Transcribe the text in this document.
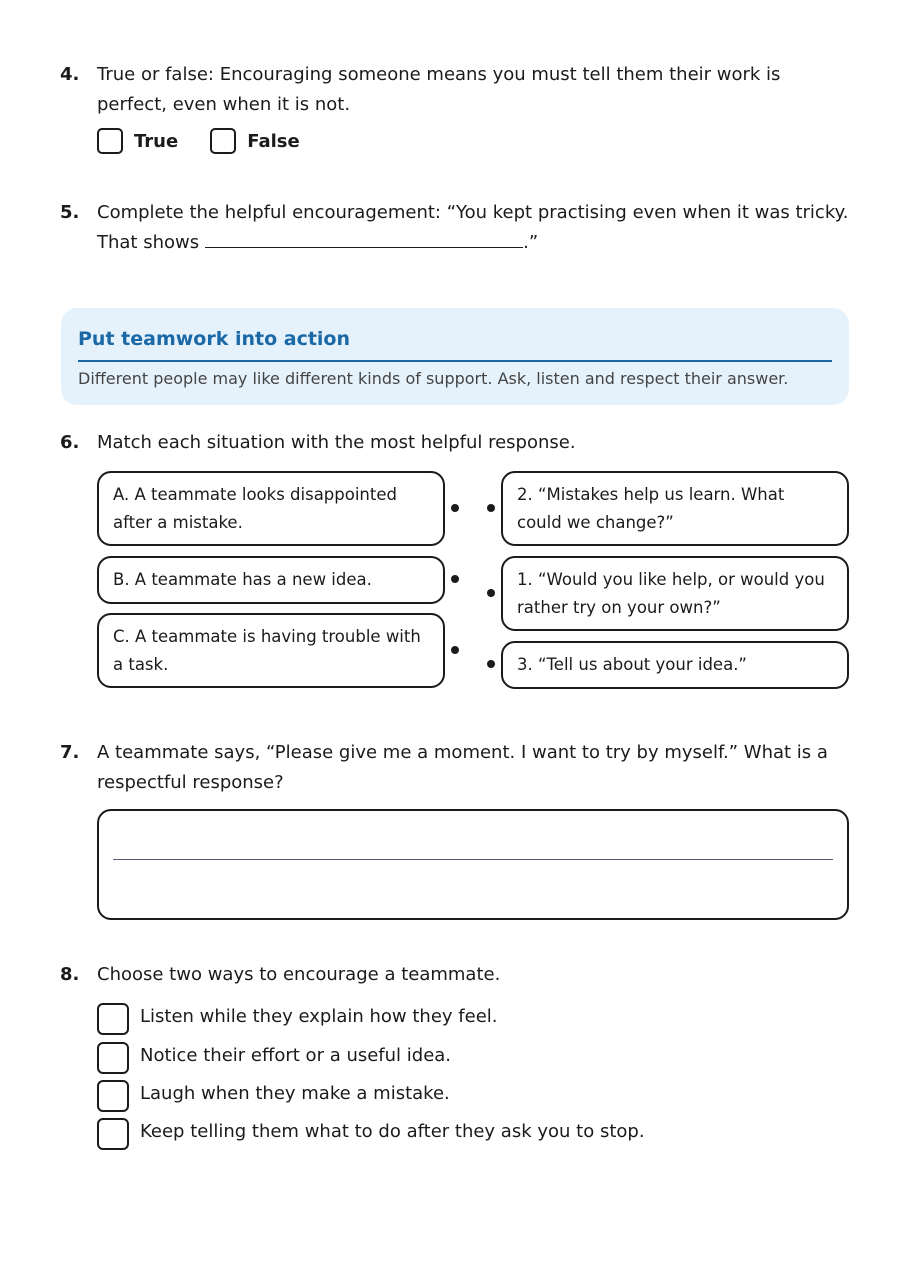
4. True or false: Encouraging someone means you must tell them their work is perfect, even when it is not.
True	False
5. Complete the helpful encouragement: “You kept practising even when it was tricky. That shows	.”
Put teamwork into action
Different people may like different kinds of support. Ask, listen and respect their answer.
6. Match each situation with the most helpful response.
A. A teammate looks disappointed after a mistake.
B. A teammate has a new idea.
C. A teammate is having trouble with a task.
2. “Mistakes help us learn. What could we change?”
1. “Would you like help, or would you rather try on your own?”
3. “Tell us about your idea.”
7. A teammate says, “Please give me a moment. I want to try by myself.” What is a respectful response?
8. Choose two ways to encourage a teammate.
Listen while they explain how they feel.
Notice their effort or a useful idea.
Laugh when they make a mistake.
Keep telling them what to do after they ask you to stop.
